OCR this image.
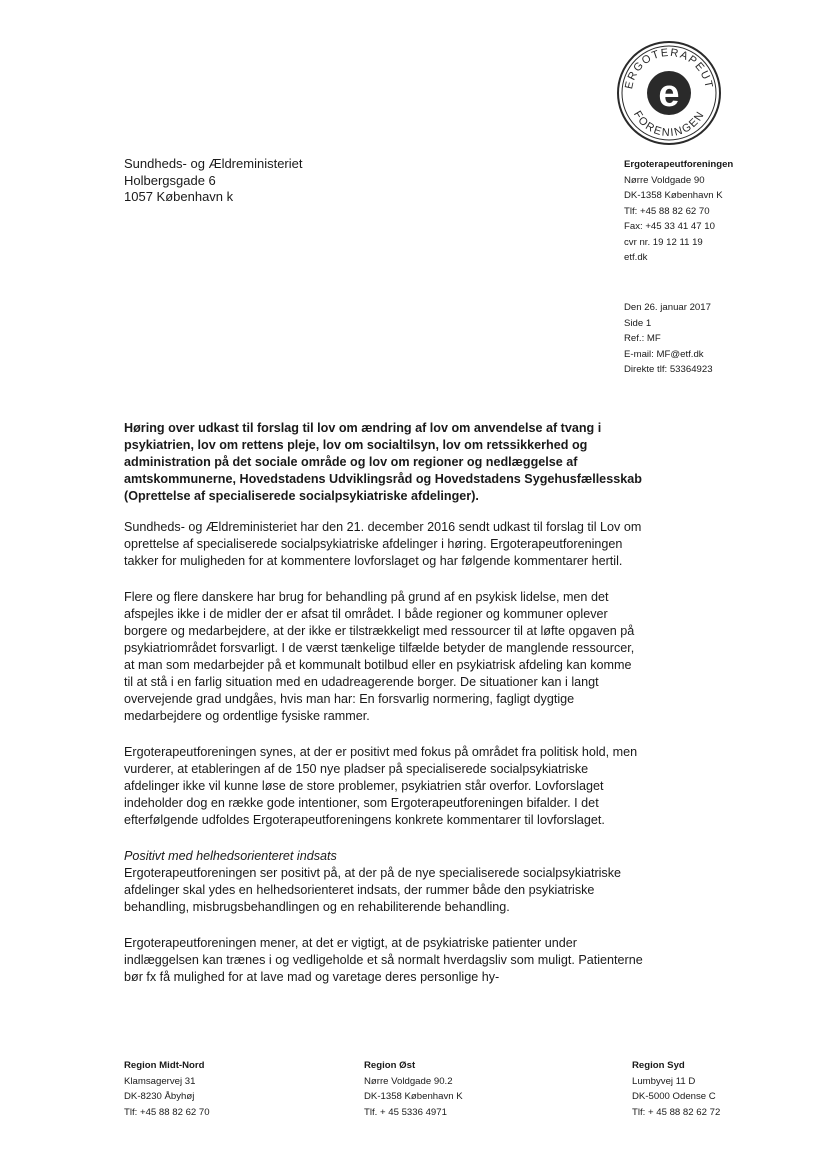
ERGOTERAPEUT
FORENINGEN
e
Sundheds- og Ældreministeriet
Holbergsgade 6
1057 København k
Ergoterapeutforeningen
Nørre Voldgade 90
DK-1358 København K
Tlf: +45 88 82 62 70
Fax: +45 33 41 47 10
cvr nr. 19 12 11 19
etf.dk
Den 26. januar 2017
Side 1
Ref.: MF
E-mail: MF@etf.dk
Direkte tlf: 53364923

Høring over udkast til forslag til lov om ændring af lov om anvendelse af tvang i psykiatrien, lov om rettens pleje, lov om socialtilsyn, lov om retssikkerhed og administration på det sociale område og lov om regioner og nedlæggelse af amtskommunerne, Hovedstadens Udviklingsråd og Hovedstadens Sygehusfællesskab (Oprettelse af specialiserede socialpsykiatriske afdelinger).

Sundheds- og Ældreministeriet har den 21. december 2016 sendt udkast til forslag til Lov om oprettelse af specialiserede socialpsykiatriske afdelinger i høring. Ergoterapeutforeningen takker for muligheden for at kommentere lovforslaget og har følgende kommentarer hertil.

Flere og flere danskere har brug for behandling på grund af en psykisk lidelse, men det afspejles ikke i de midler der er afsat til området. I både regioner og kommuner oplever borgere og medarbejdere, at der ikke er tilstrækkeligt med ressourcer til at løfte opgaven på psykiatriområdet forsvarligt. I de værst tænkelige tilfælde betyder de manglende ressourcer, at man som medarbejder på et kommunalt botilbud eller en psykiatrisk afdeling kan komme til at stå i en farlig situation med en udadreagerende borger. De situationer kan i langt overvejende grad undgåes, hvis man har: En forsvarlig normering, fagligt dygtige medarbejdere og ordentlige fysiske rammer.

Ergoterapeutforeningen synes, at der er positivt med fokus på området fra politisk hold, men vurderer, at etableringen af de 150 nye pladser på specialiserede socialpsykiatriske afdelinger ikke vil kunne løse de store problemer, psykiatrien står overfor. Lovforslaget indeholder dog en række gode intentioner, som Ergoterapeutforeningen bifalder. I det efterfølgende udfoldes Ergoterapeutforeningens konkrete kommentarer til lovforslaget.

Positivt med helhedsorienteret indsats

Ergoterapeutforeningen ser positivt på, at der på de nye specialiserede socialpsykiatriske afdelinger skal ydes en helhedsorienteret indsats, der rummer både den psykiatriske behandling, misbrugsbehandlingen og en rehabiliterende behandling.

Ergoterapeutforeningen mener, at det er vigtigt, at de psykiatriske patienter under indlæggelsen kan trænes i og vedligeholde et så normalt hverdagsliv som muligt. Patienterne bør fx få mulighed for at lave mad og varetage deres personlige hy-

Region Midt-Nord
Klamsagervej 31
DK-8230 Åbyhøj
Tlf: +45 88 82 62 70
Region Øst
Nørre Voldgade 90.2
DK-1358 København K
Tlf. + 45 5336 4971
Region Syd
Lumbyvej 11 D
DK-5000 Odense C
Tlf: + 45 88 82 62 72
